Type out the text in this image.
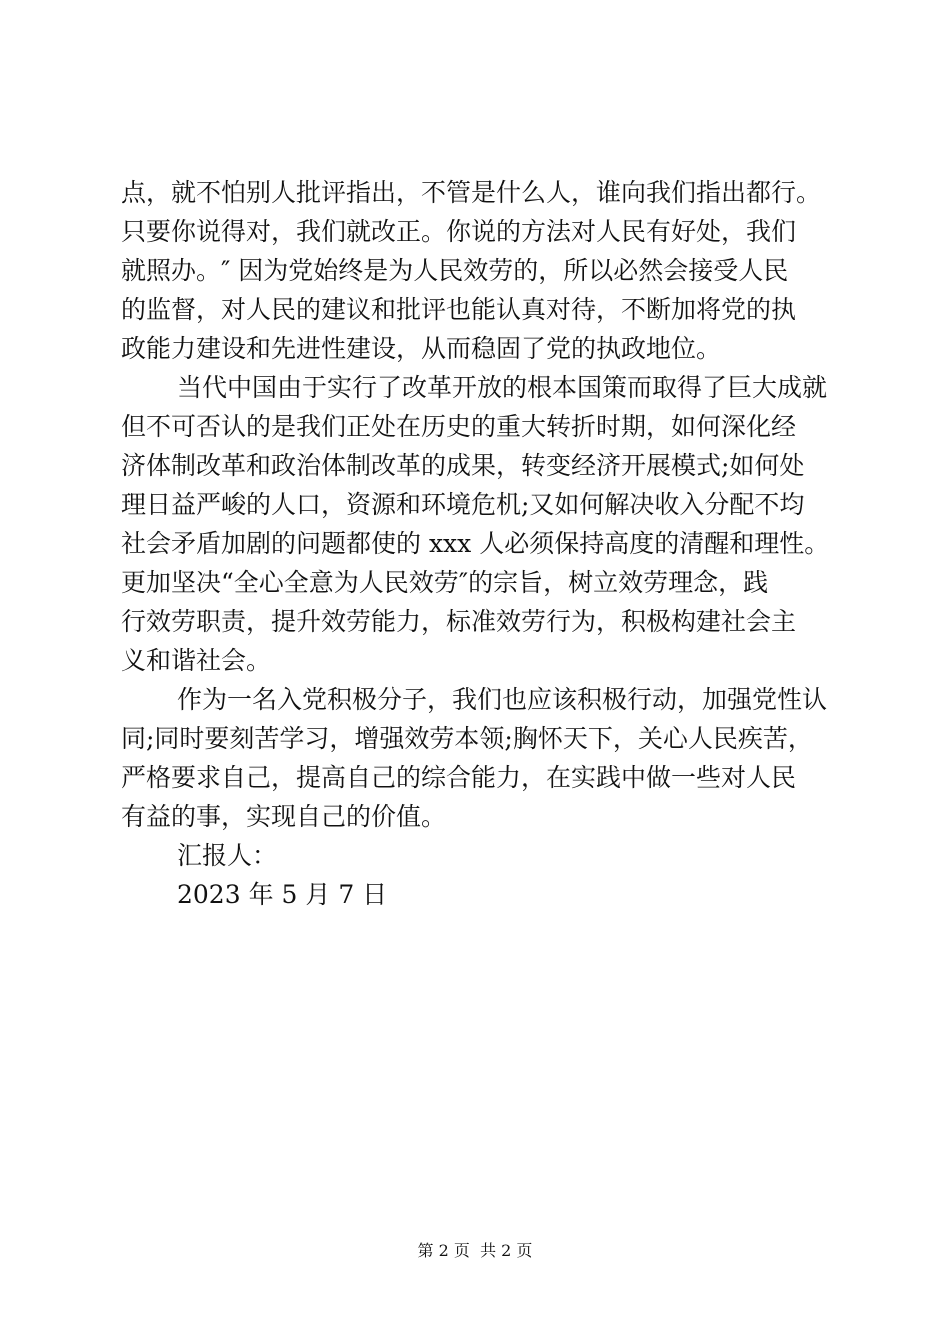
点，就不怕别人批评指出，不管是什么人，谁向我们指出都行。
只要你说得对，我们就改正。你说的方法对人民有好处，我们
就照办。″ 因为党始终是为人民效劳的，所以必然会接受人民
的监督，对人民的建议和批评也能认真对待，不断加将党的执
政能力建设和先进性建设，从而稳固了党的执政地位。
当代中国由于实行了改革开放的根本国策而取得了巨大成就
但不可否认的是我们正处在历史的重大转折时期，如何深化经
济体制改革和政治体制改革的成果，转变经济开展模式;如何处
理日益严峻的人口，资源和环境危机;又如何解决收入分配不均
社会矛盾加剧的问题都使的 xxx 人必须保持高度的清醒和理性。
更加坚决“全心全意为人民效劳″的宗旨，树立效劳理念，践
行效劳职责，提升效劳能力，标准效劳行为，积极构建社会主
义和谐社会。
作为一名入党积极分子，我们也应该积极行动，加强党性认
同;同时要刻苦学习，增强效劳本领;胸怀天下，关心人民疾苦，
严格要求自己，提高自己的综合能力，在实践中做一些对人民
有益的事，实现自己的价值。
汇报人：
2023 年 5 月 7 日
第 2 页  共 2 页
